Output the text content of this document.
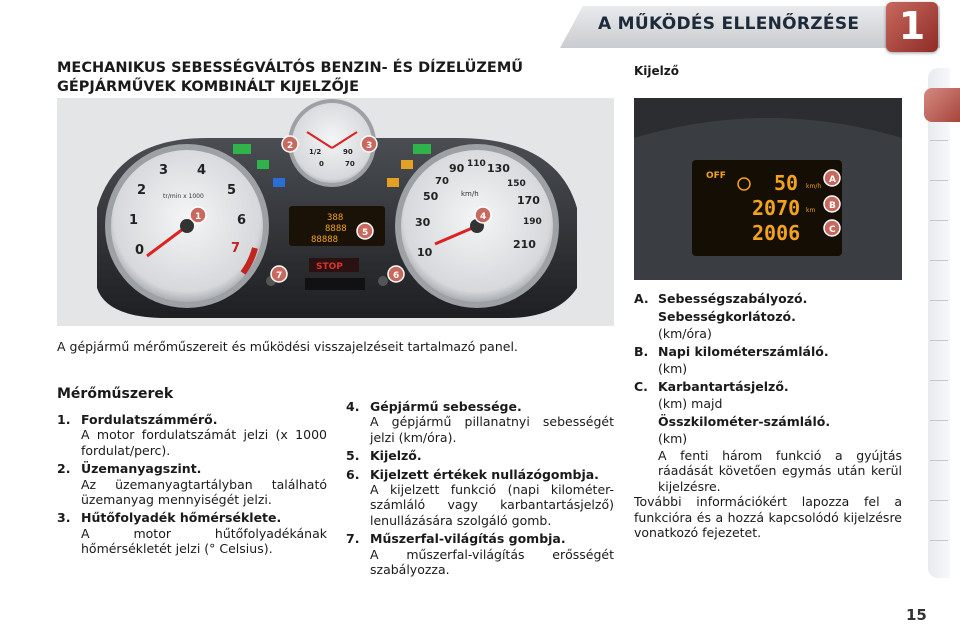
A MŰKÖDÉS ELLENŐRZÉSE	1
MECHANIKUS SEBESSÉGVÁLTÓS BENZIN- ÉS DÍZELÜZEMŰ GÉPJÁRMŰVEK KOMBINÁLT KIJELZŐJE
Kijelző
0
1
2
3 4
5
6
7
tr/min x 1000
10
30
50
70
90 110 130
150
170
190
210
km/h
1/2
0	70
90
388
8888
88888
STOP
1
2	3
4
5
6
7
OFF 50 km/h
2070 km
2006
A
B
C
A gépjármű mérőműszereit és működési visszajelzéseit tartalmazó panel.
Mérőműszerek
1. Fordulatszámmérő.
A motor fordulatszámát jelzi (x 1000 fordulat/perc).
2. Üzemanyagszint.
Az üzemanyagtartályban található üzemanyag mennyiségét jelzi.
3. Hűtőfolyadék hőmérséklete.
A motor hűtőfolyadékának hőmérsékletét jelzi (° Celsius).
4. Gépjármű sebessége.
A gépjármű pillanatnyi sebességét jelzi (km/óra).
5. Kijelző.
6. Kijelzett értékek nullázógombja.
A kijelzett funkció (napi kilométer-számláló vagy karbantartásjelző) lenullázására szolgáló gomb.
7. Műszerfal-világítás gombja.
A műszerfal-világítás erősségét szabályozza.
A. Sebességszabályozó.
Sebességkorlátozó.
(km/óra)
B. Napi kilométerszámláló.
(km)
C. Karbantartásjelző.
(km) majd
Összkilométer-számláló.
(km)
A fenti három funkció a gyújtás ráadását követően egymás után kerül kijelzésre.
További információkért lapozza fel a funkcióra és a hozzá kapcsolódó kijelzésre vonatkozó fejezetet.
15
